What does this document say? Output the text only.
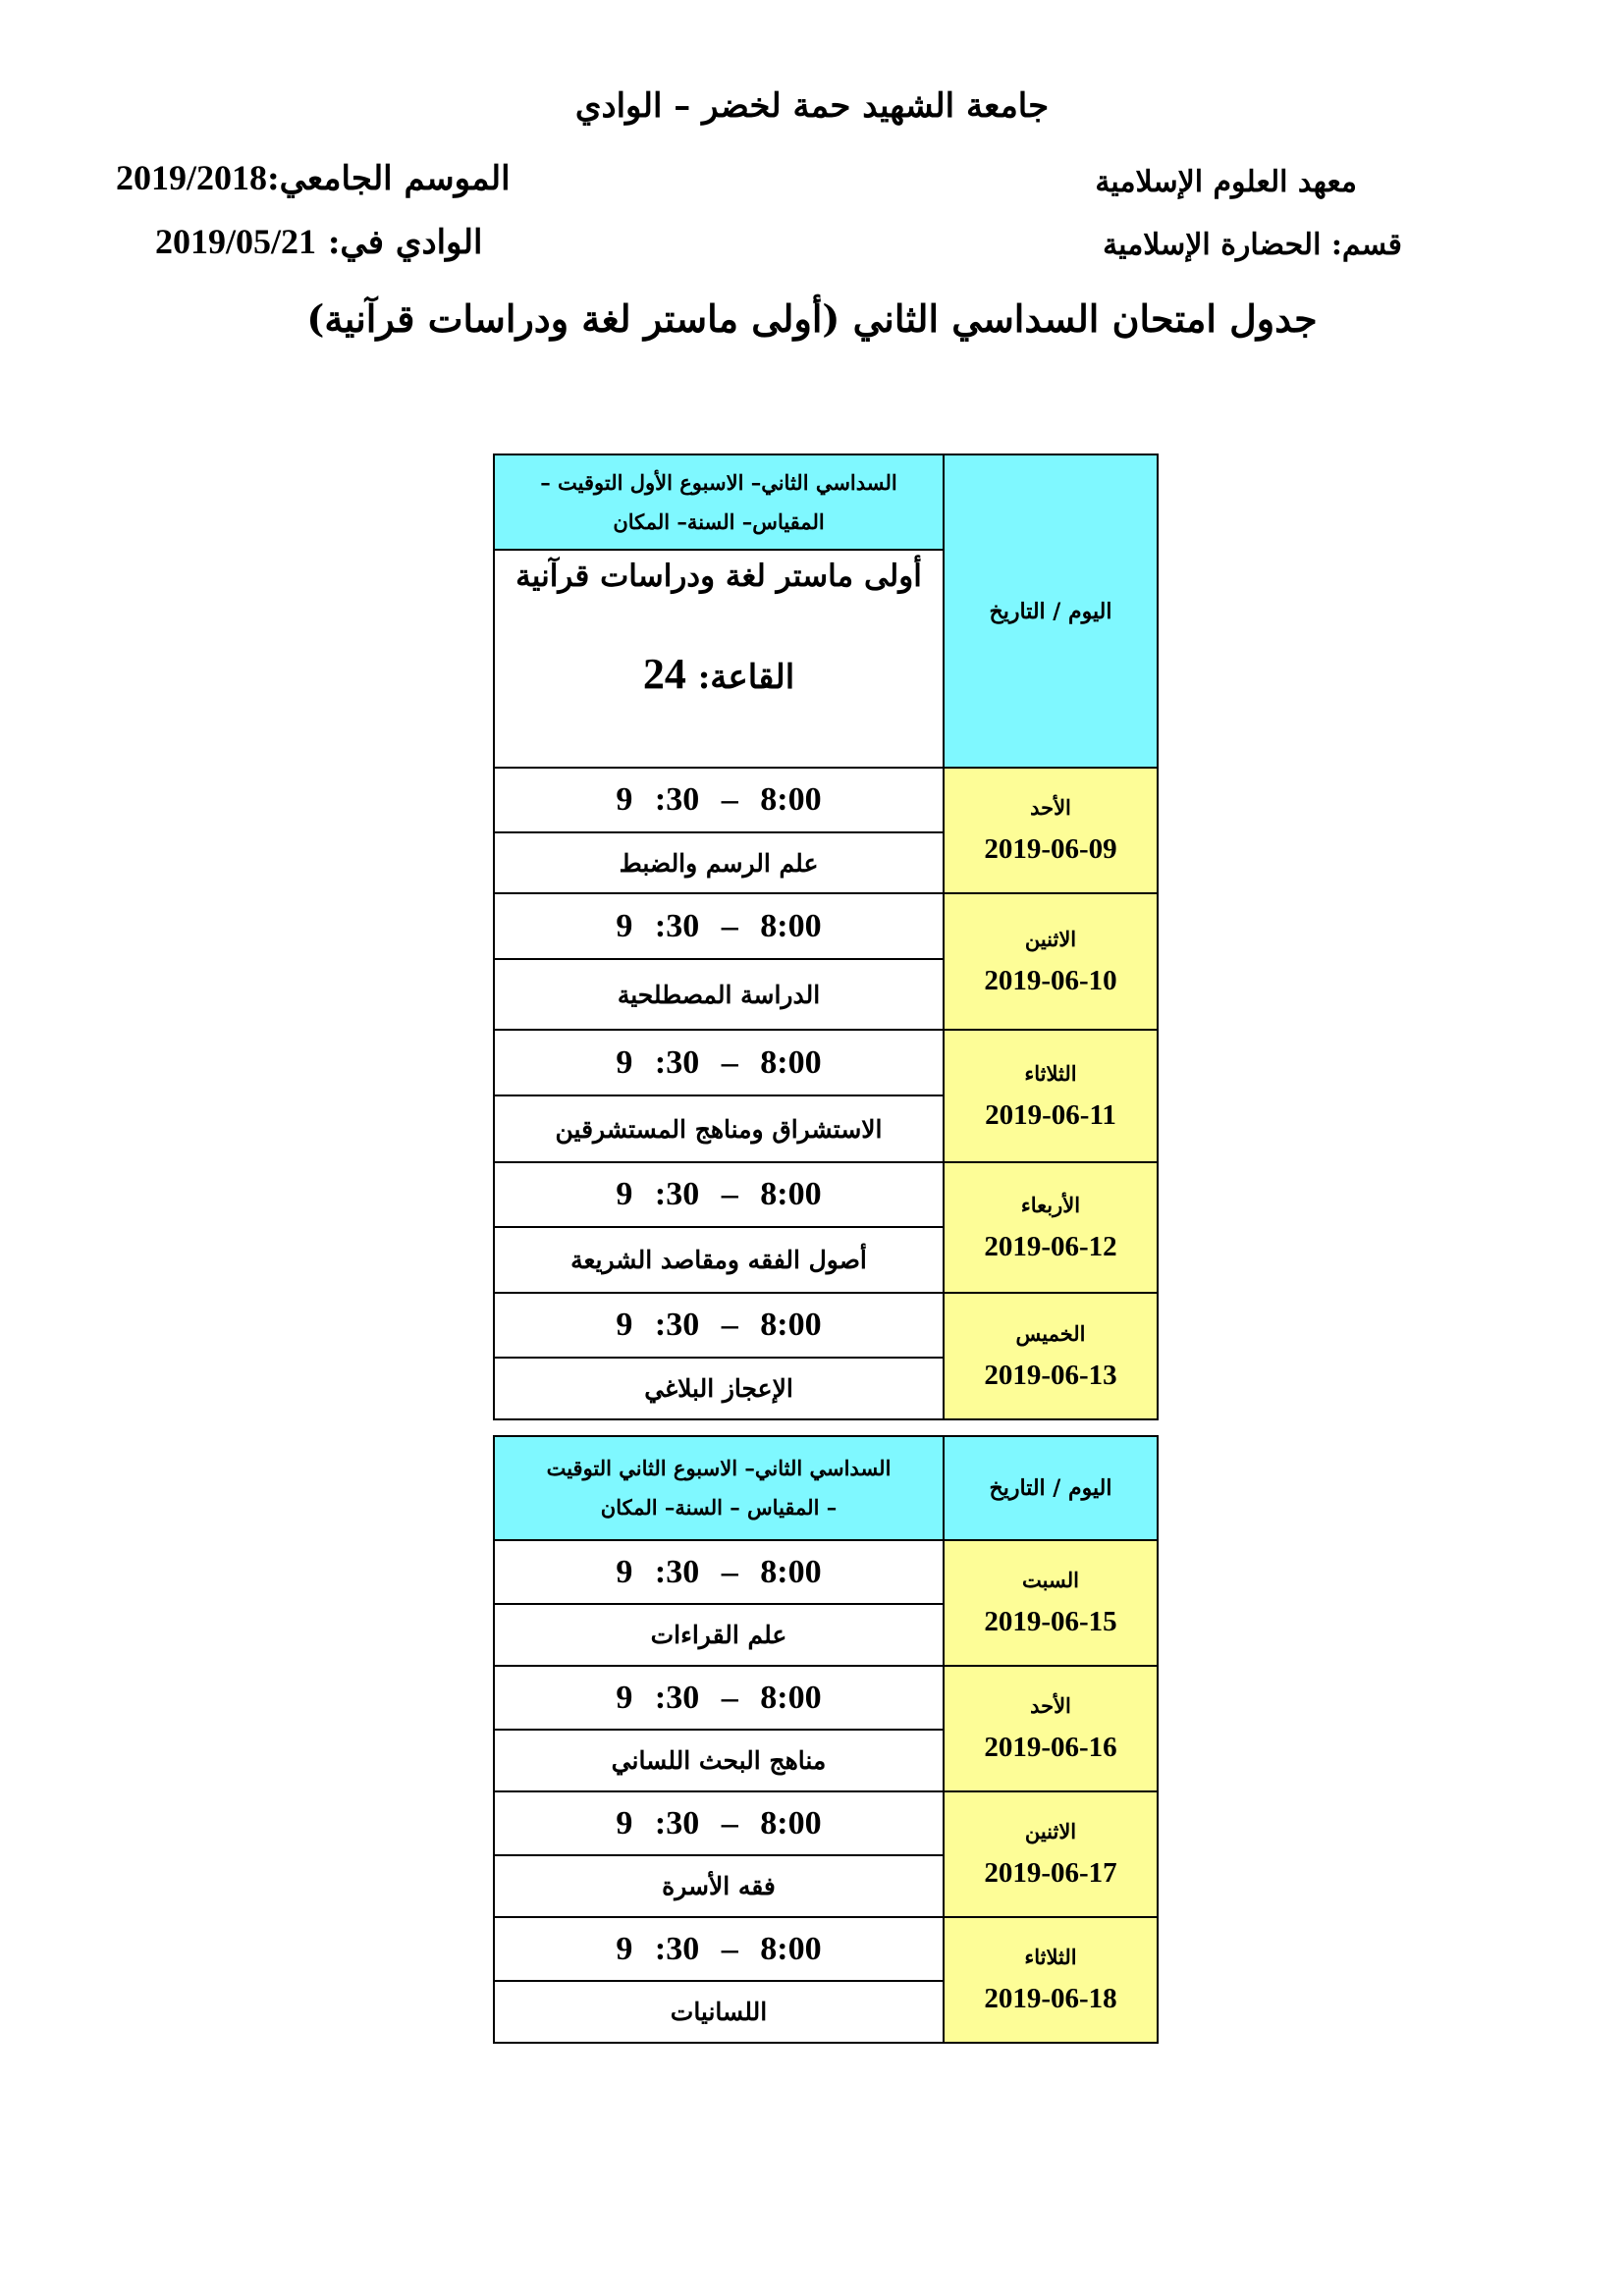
جامعة الشهيد حمة لخضر – الوادي
معهد العلوم الإسلامية
قسم: الحضارة الإسلامية
الموسم الجامعي:2019/2018
الوادي في: 2019/05/21
جدول امتحان السداسي الثاني (أولى ماستر لغة ودراسات قرآنية)
السداسي الثاني– الاسبوع الأول التوقيت –
المقياس– السنة– المكان	اليوم / التاريخ

أولى ماستر لغة ودراسات قرآنية
القاعة: 24	

9 :30 – 8:00	الأحد
2019-06-09

علم الرسم والضبط	
9 :30 – 8:00	الاثنين
2019-06-10

الدراسة المصطلحية	
9 :30 – 8:00	الثلاثاء
2019-06-11

الاستشراق ومناهج المستشرقين	
9 :30 – 8:00	الأربعاء
2019-06-12

أصول الفقه ومقاصد الشريعة	
9 :30 – 8:00	الخميس
2019-06-13

الإعجاز البلاغي	
السداسي الثاني– الاسبوع الثاني التوقيت
– المقياس – السنة– المكان	اليوم / التاريخ
9 :30 – 8:00	السبت
2019-06-15

علم القراءات	
9 :30 – 8:00	الأحد
2019-06-16

مناهج البحث اللساني	
9 :30 – 8:00	الاثنين
2019-06-17

فقه الأسرة	
9 :30 – 8:00	الثلاثاء
2019-06-18

اللسانيات	
